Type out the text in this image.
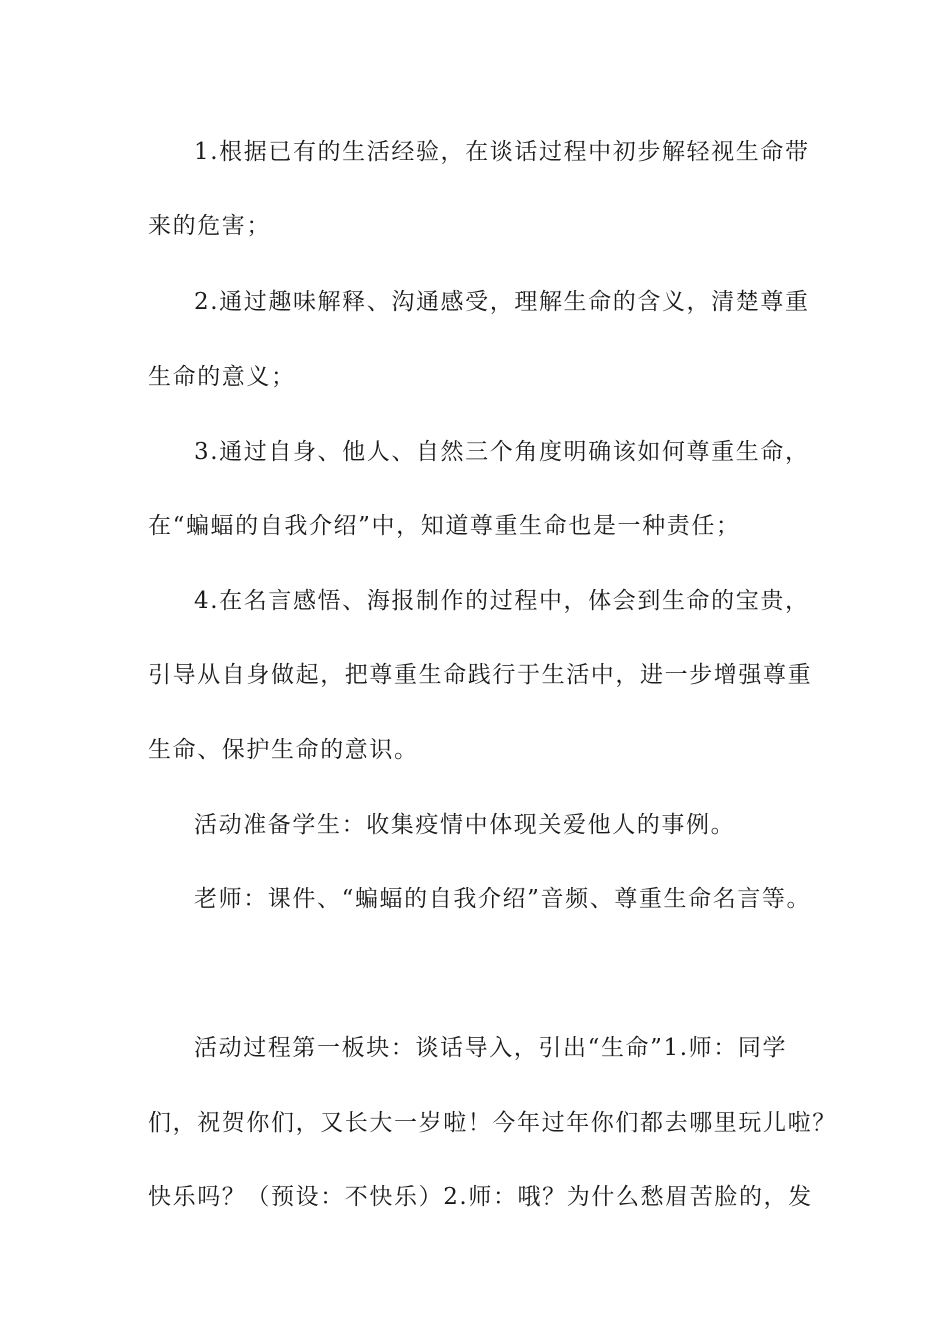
1.根据已有的生活经验，在谈话过程中初步解轻视生命带
来的危害；
2.通过趣味解释、沟通感受，理解生命的含义，清楚尊重
生命的意义；
3.通过自身、他人、自然三个角度明确该如何尊重生命，
在“蝙蝠的自我介绍”中，知道尊重生命也是一种责任；
4.在名言感悟、海报制作的过程中，体会到生命的宝贵，
引导从自身做起，把尊重生命践行于生活中，进一步增强尊重
生命、保护生命的意识。
活动准备学生：收集疫情中体现关爱他人的事例。
老师：课件、“蝙蝠的自我介绍”音频、尊重生命名言等。
活动过程第一板块：谈话导入，引出“生命”1.师：同学
们，祝贺你们，又长大一岁啦！今年过年你们都去哪里玩儿啦？
快乐吗？（预设：不快乐）2.师：哦？为什么愁眉苦脸的，发
